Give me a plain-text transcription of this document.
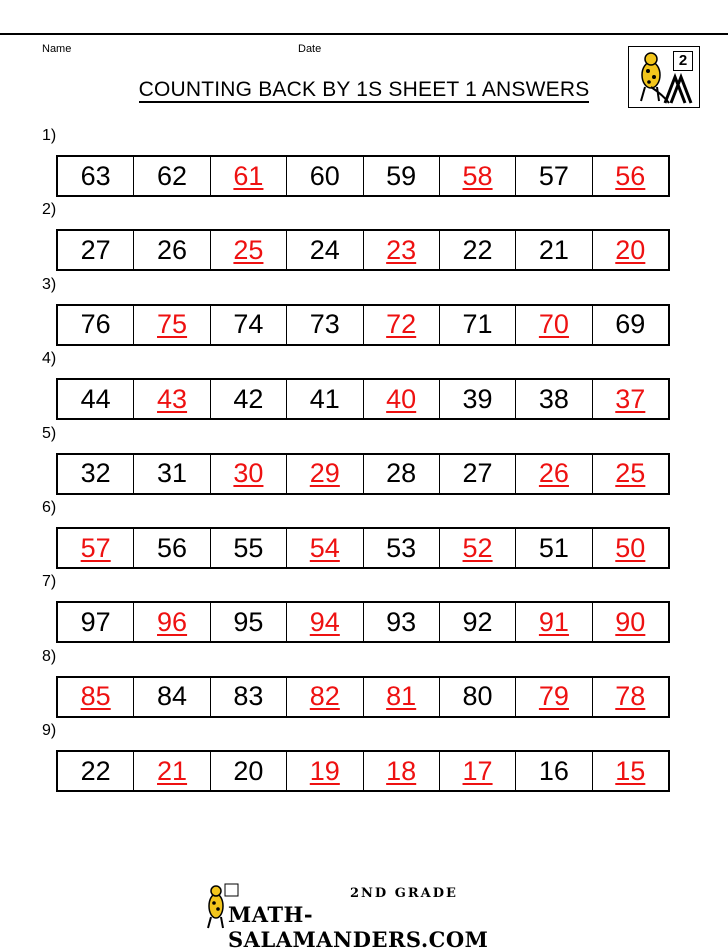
Name	Date
COUNTING BACK BY 1S SHEET 1 ANSWERS
2
1)
63	62	61	60	59	58	57	56
2)
27	26	25	24	23	22	21	20
3)
76	75	74	73	72	71	70	69
4)
44	43	42	41	40	39	38	37
5)
32	31	30	29	28	27	26	25
6)
57	56	55	54	53	52	51	50
7)
97	96	95	94	93	92	91	90
8)
85	84	83	82	81	80	79	78
9)
22	21	20	19	18	17	16	15
2ND GRADE
MATH-SALAMANDERS.COM
